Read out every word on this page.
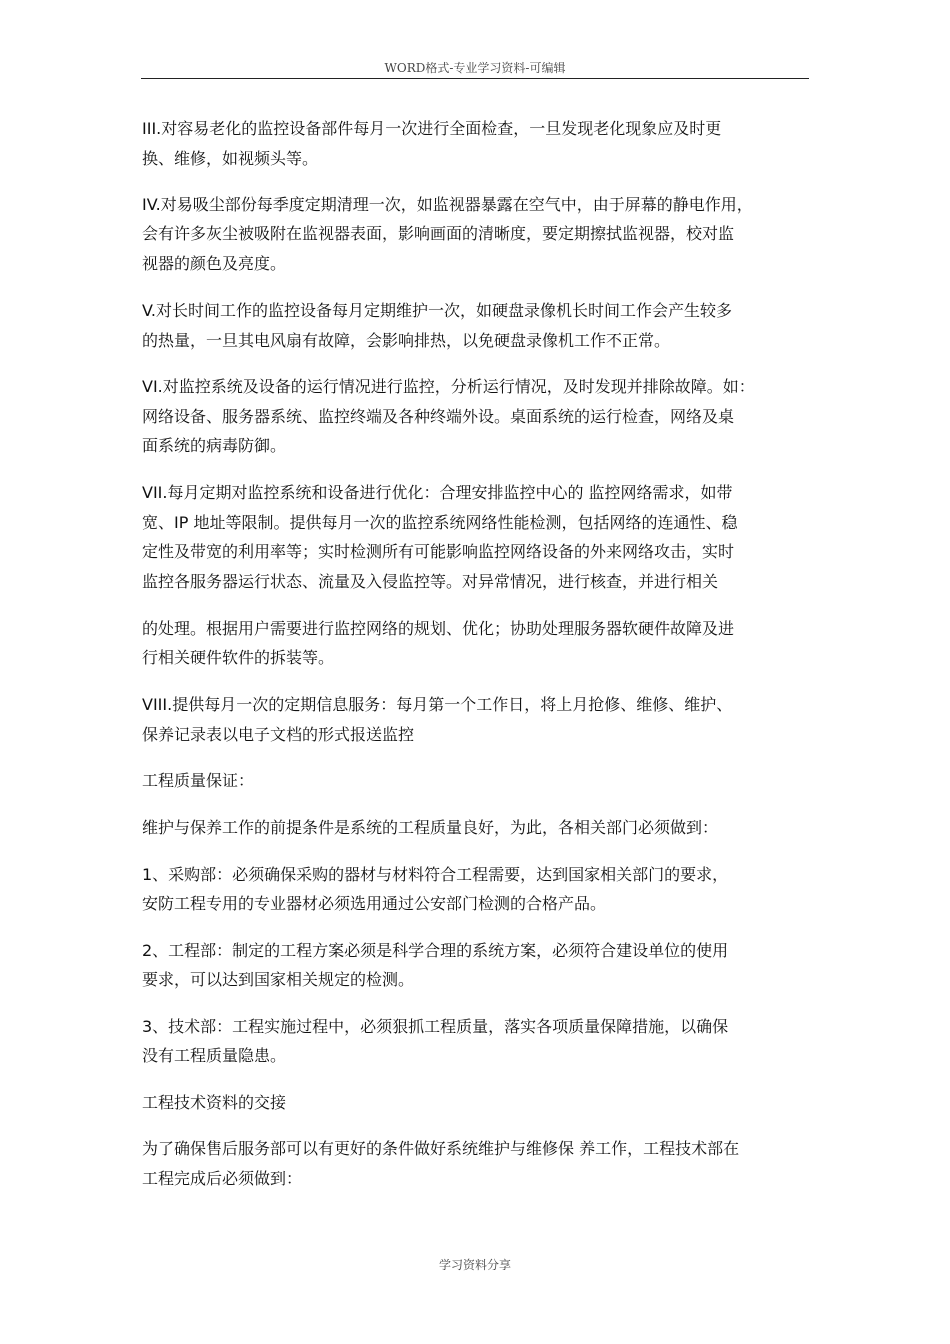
WORD格式-专业学习资料-可编辑
III.对容易老化的监控设备部件每月一次进行全面检查，一旦发现老化现象应及时更
换、维修，如视频头等。
IV.对易吸尘部份每季度定期清理一次，如监视器暴露在空气中，由于屏幕的静电作用，
会有许多灰尘被吸附在监视器表面，影响画面的清晰度，要定期擦拭监视器，校对监
视器的颜色及亮度。
V.对长时间工作的监控设备每月定期维护一次，如硬盘录像机长时间工作会产生较多
的热量，一旦其电风扇有故障，会影响排热，以免硬盘录像机工作不正常。
VI.对监控系统及设备的运行情况进行监控，分析运行情况，及时发现并排除故障。如：
网络设备、服务器系统、监控终端及各种终端外设。桌面系统的运行检查，网络及桌
面系统的病毒防御。
VII.每月定期对监控系统和设备进行优化：合理安排监控中心的 监控网络需求，如带
宽、IP 地址等限制。提供每月一次的监控系统网络性能检测，包括网络的连通性、稳
定性及带宽的利用率等；实时检测所有可能影响监控网络设备的外来网络攻击，实时
监控各服务器运行状态、流量及入侵监控等。对异常情况，进行核查，并进行相关
的处理。根据用户需要进行监控网络的规划、优化；协助处理服务器软硬件故障及进
行相关硬件软件的拆装等。
VIII.提供每月一次的定期信息服务：每月第一个工作日，将上月抢修、维修、维护、
保养记录表以电子文档的形式报送监控
工程质量保证：
维护与保养工作的前提条件是系统的工程质量良好，为此，各相关部门必须做到：
1、采购部：必须确保采购的器材与材料符合工程需要，达到国家相关部门的要求，
安防工程专用的专业器材必须选用通过公安部门检测的合格产品。
2、工程部：制定的工程方案必须是科学合理的系统方案，必须符合建设单位的使用
要求，可以达到国家相关规定的检测。
3、技术部：工程实施过程中，必须狠抓工程质量，落实各项质量保障措施，以确保
没有工程质量隐患。
工程技术资料的交接
为了确保售后服务部可以有更好的条件做好系统维护与维修保 养工作，工程技术部在
工程完成后必须做到：
学习资料分享
